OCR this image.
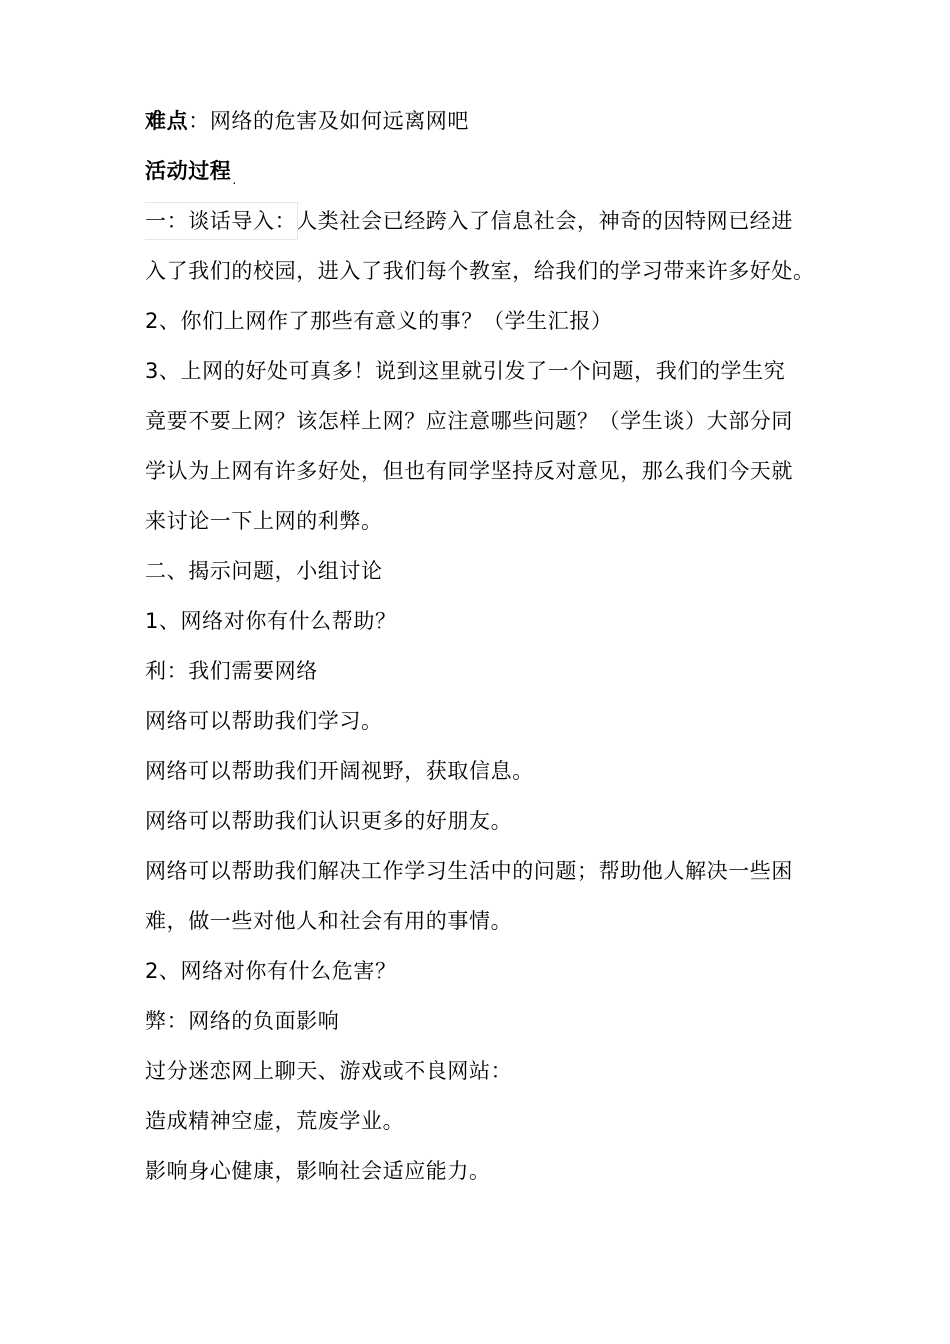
难点：网络的危害及如何远离网吧
活动过程$_.$
一：谈话导入：人类社会已经跨入了信息社会，神奇的因特网已经进
入了我们的校园，进入了我们每个教室，给我们的学习带来许多好处。
2、你们上网作了那些有意义的事？（学生汇报）
3、上网的好处可真多！说到这里就引发了一个问题，我们的学生究
竟要不要上网？该怎样上网？应注意哪些问题？（学生谈）大部分同
学认为上网有许多好处，但也有同学坚持反对意见，那么我们今天就
来讨论一下上网的利弊。
二、揭示问题，小组讨论
1、网络对你有什么帮助？
利：我们需要网络
网络可以帮助我们学习。
网络可以帮助我们开阔视野，获取信息。
网络可以帮助我们认识更多的好朋友。
网络可以帮助我们解决工作学习生活中的问题；帮助他人解决一些困
难，做一些对他人和社会有用的事情。
2、网络对你有什么危害？
弊：网络的负面影响
过分迷恋网上聊天、游戏或不良网站：
造成精神空虚，荒废学业。
影响身心健康，影响社会适应能力。
